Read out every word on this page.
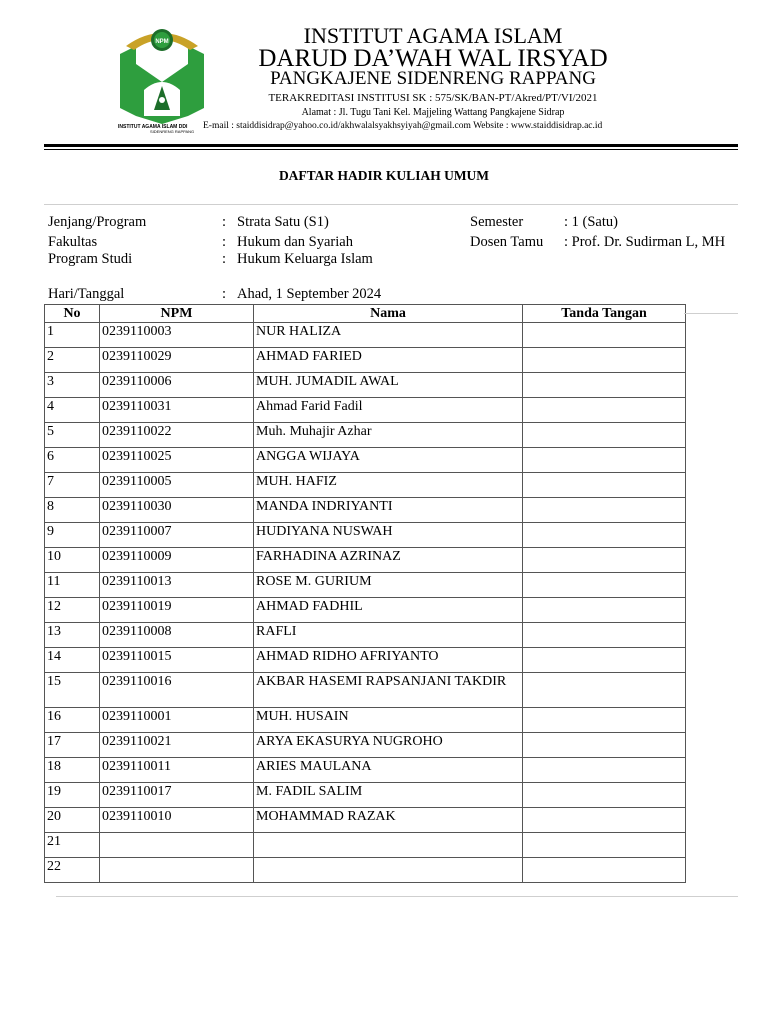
NPM
INSTITUT AGAMA ISLAM DDI
SIDENRENG RAPPANG
INSTITUT AGAMA ISLAM
DARUD DA’WAH WAL IRSYAD
PANGKAJENE SIDENRENG RAPPANG
TERAKREDITASI INSTITUSI SK : 575/SK/BAN-PT/Akred/PT/VI/2021
Alamat : Jl. Tugu Tani Kel. Majjeling Wattang Pangkajene Sidrap
E-mail : staiddisidrap@yahoo.co.id/akhwalalsyakhsyiyah@gmail.com Website : www.staiddisidrap.ac.id
DAFTAR HADIR KULIAH UMUM
Jenjang/Program	: Strata Satu (S1)	Semester	: 1 (Satu)
Fakultas	: Hukum dan Syariah	Dosen Tamu : Prof. Dr. Sudirman L, MH
Program Studi	: Hukum Keluarga Islam
Hari/Tanggal	: Ahad, 1 September 2024
No	NPM	Nama	Tanda Tangan
1	0239110003	NUR HALIZA	
2	0239110029	AHMAD FARIED	
3	0239110006	MUH. JUMADIL AWAL	
4	0239110031	Ahmad Farid Fadil	
5	0239110022	Muh. Muhajir Azhar	
6	0239110025	ANGGA WIJAYA	
7	0239110005	MUH. HAFIZ	
8	0239110030	MANDA INDRIYANTI	
9	0239110007	HUDIYANA NUSWAH	
10	0239110009	FARHADINA AZRINAZ	
11	0239110013	ROSE M. GURIUM	
12	0239110019	AHMAD FADHIL	
13	0239110008	RAFLI	
14	0239110015	AHMAD RIDHO AFRIYANTO	
15	0239110016	AKBAR HASEMI RAPSANJANI TAKDIR	
16	0239110001	MUH. HUSAIN	
17	0239110021	ARYA EKASURYA NUGROHO	
18	0239110011	ARIES MAULANA	
19	0239110017	M. FADIL SALIM	
20	0239110010	MOHAMMAD RAZAK	
21			
22			
